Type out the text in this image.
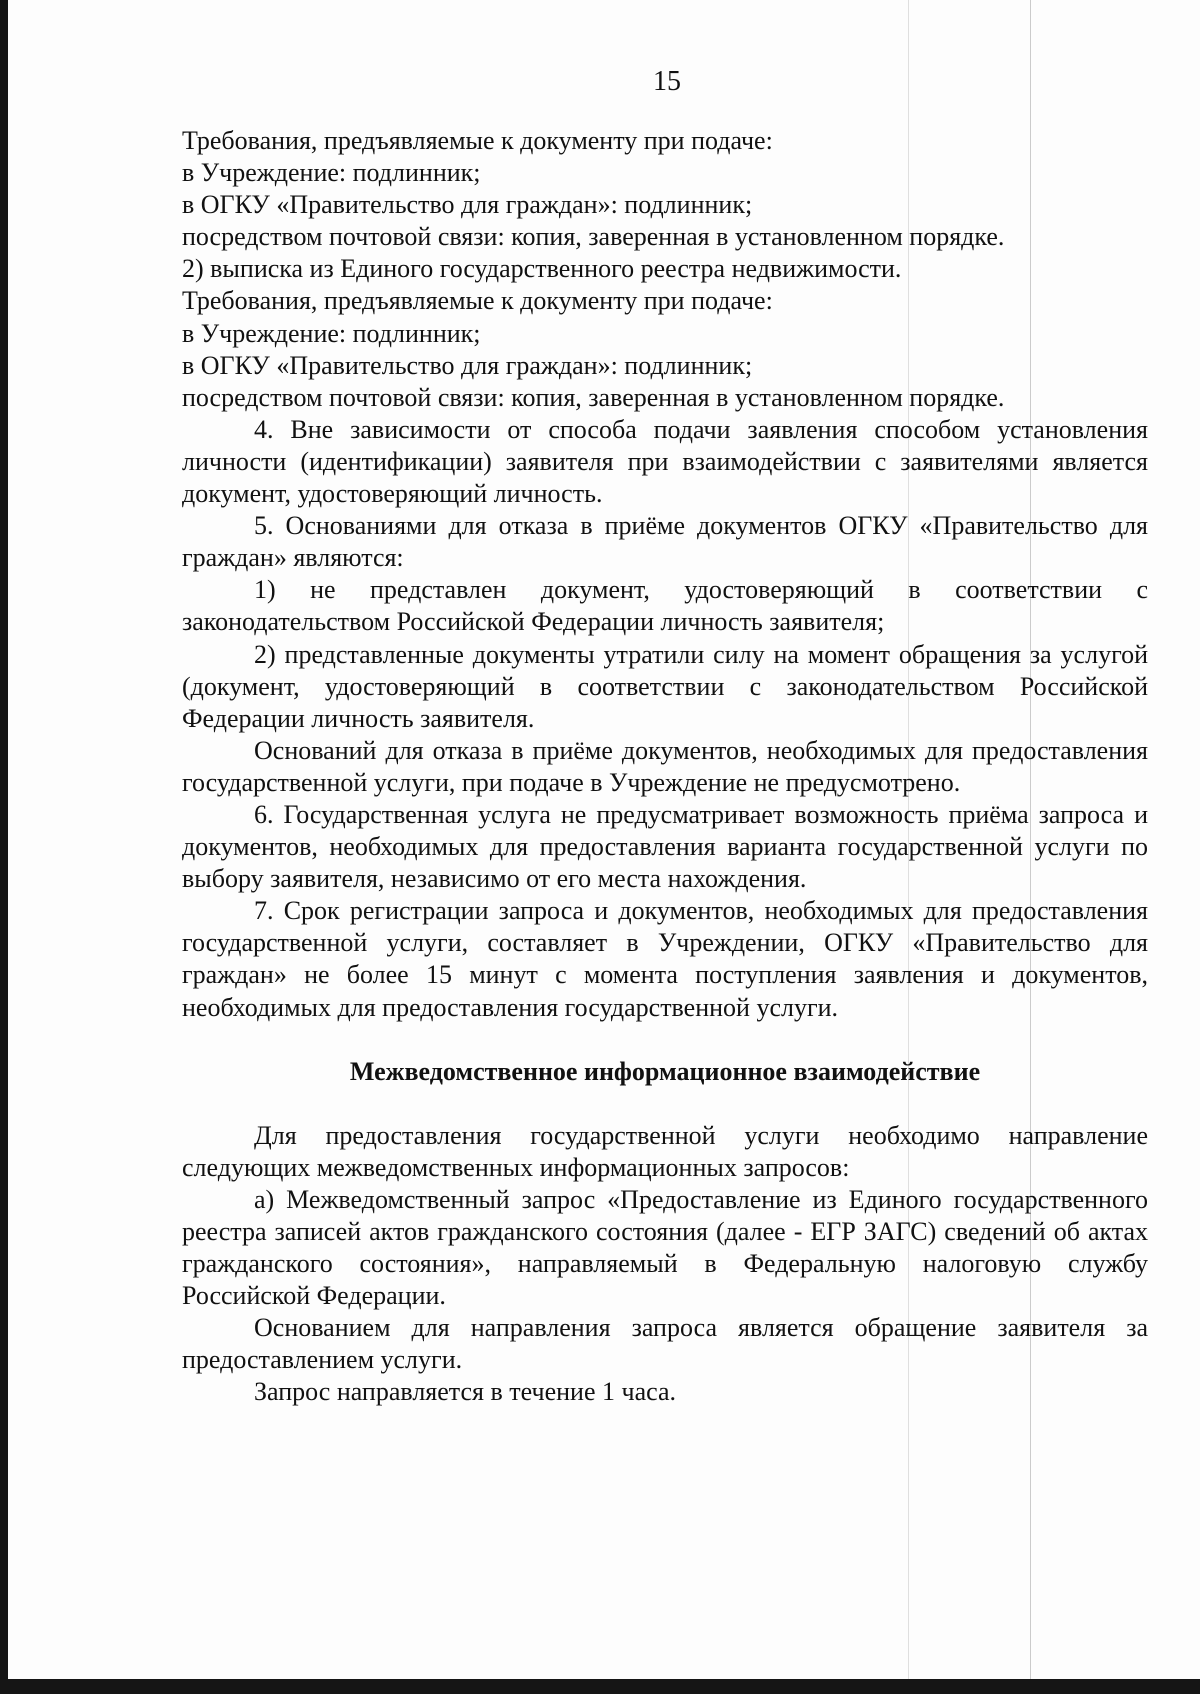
15

Требования, предъявляемые к документу при подаче:

в Учреждение: подлинник;

в ОГКУ «Правительство для граждан»: подлинник;

посредством почтовой связи: копия, заверенная в установленном порядке.

2) выписка из Единого государственного реестра недвижимости.

Требования, предъявляемые к документу при подаче:

в Учреждение: подлинник;

в ОГКУ «Правительство для граждан»: подлинник;

посредством почтовой связи: копия, заверенная в установленном порядке.

4. Вне зависимости от способа подачи заявления способом установления личности (идентификации) заявителя при взаимодействии с заявителями является документ, удостоверяющий личность.

5. Основаниями для отказа в приёме документов ОГКУ «Правительство для граждан» являются:

1) не представлен документ, удостоверяющий в соответствии с законодательством Российской Федерации личность заявителя;

2) представленные документы утратили силу на момент обращения за услугой (документ, удостоверяющий в соответствии с законодательством Российской Федерации личность заявителя.

Оснований для отказа в приёме документов, необходимых для предоставления государственной услуги, при подаче в Учреждение не предусмотрено.

6. Государственная услуга не предусматривает возможность приёма запроса и документов, необходимых для предоставления варианта государственной услуги по выбору заявителя, независимо от его места нахождения.

7. Срок регистрации запроса и документов, необходимых для предоставления государственной услуги, составляет в Учреждении, ОГКУ «Правительство для граждан» не более 15 минут с момента поступления заявления и документов, необходимых для предоставления государственной услуги.

Межведомственное информационное взаимодействие

Для предоставления государственной услуги необходимо направление следующих межведомственных информационных запросов:

а) Межведомственный запрос «Предоставление из Единого государственного реестра записей актов гражданского состояния (далее - ЕГР ЗАГС) сведений об актах гражданского состояния», направляемый в Федеральную налоговую службу Российской Федерации.

Основанием для направления запроса является обращение заявителя за предоставлением услуги.

Запрос направляется в течение 1 часа.
